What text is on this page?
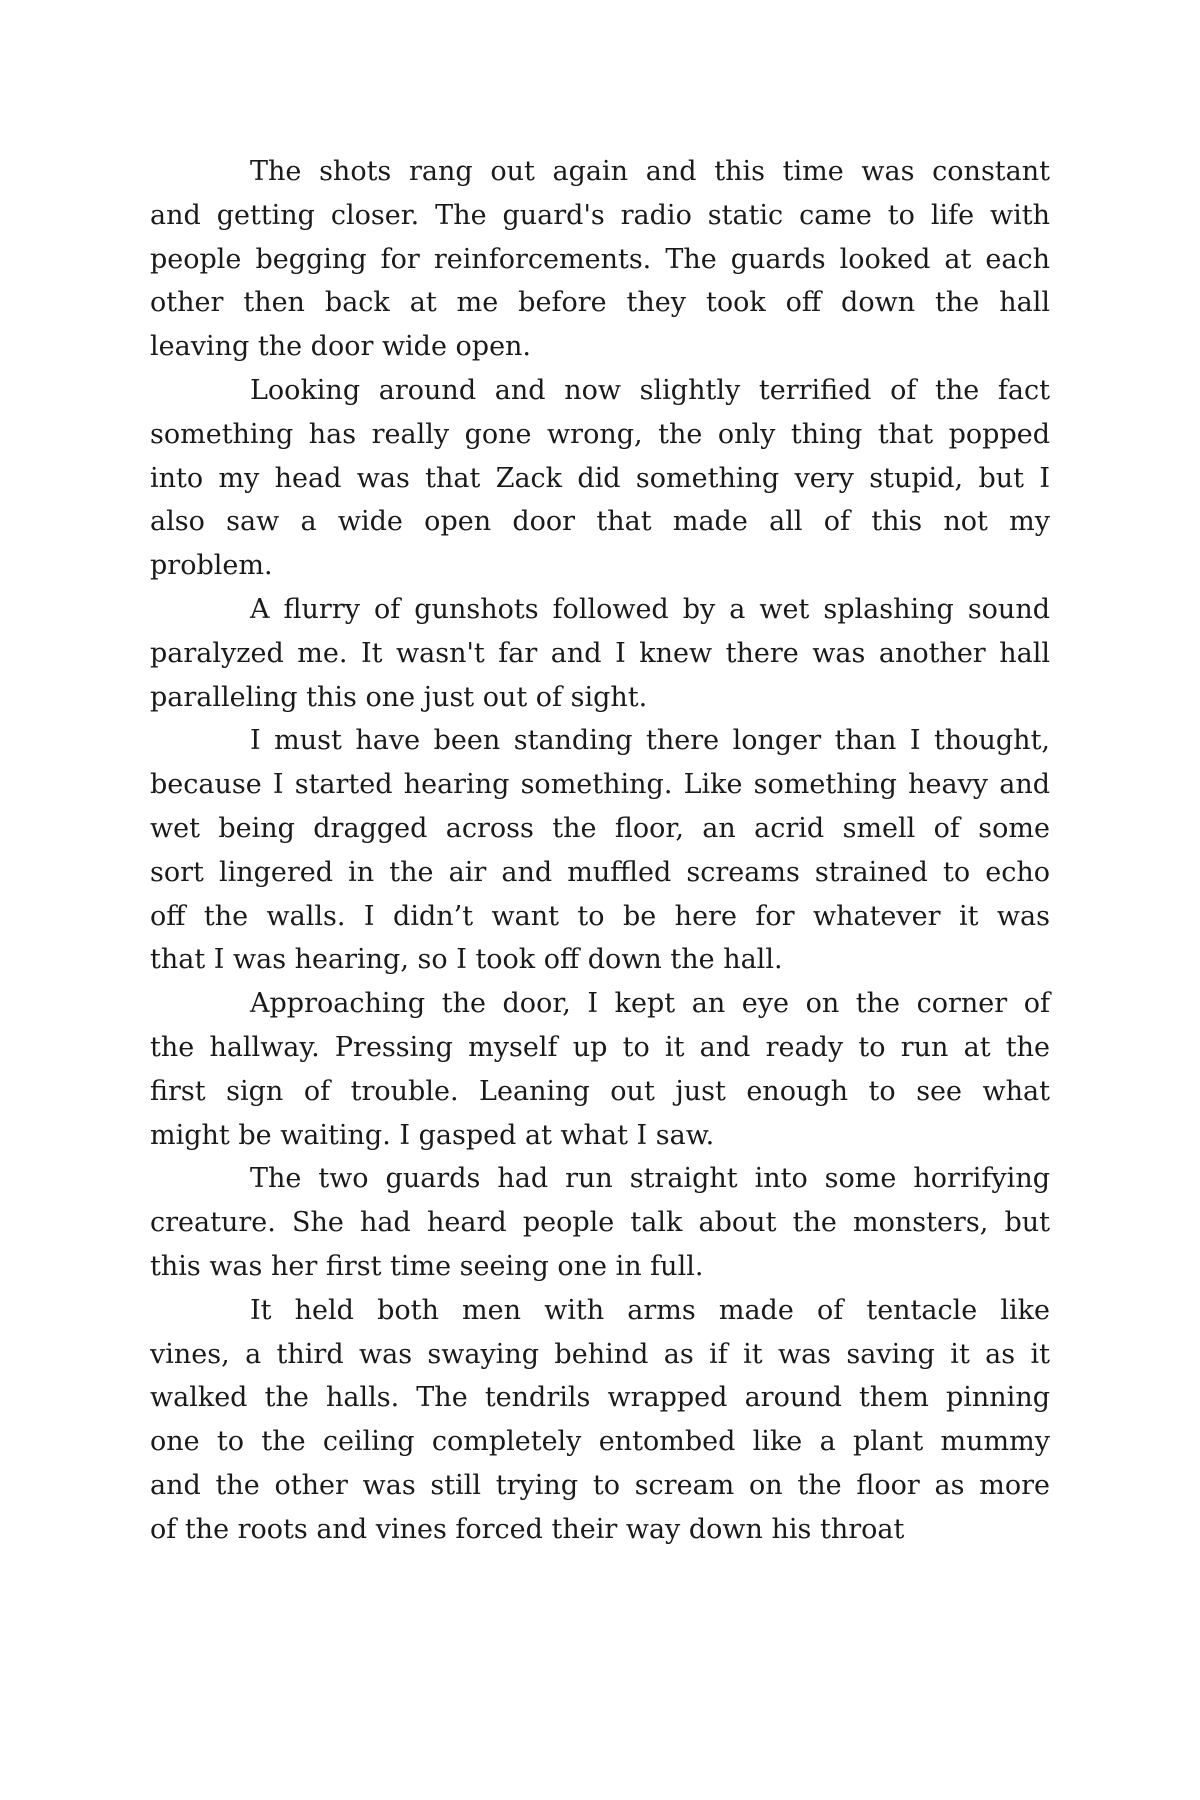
The shots rang out again and this time was constant
and getting closer. The guard's radio static came to life with
people begging for reinforcements. The guards looked at each
other then back at me before they took off down the hall
leaving the door wide open.
Looking around and now slightly terrified of the fact
something has really gone wrong, the only thing that popped
into my head was that Zack did something very stupid, but I
also saw a wide open door that made all of this not my
problem.
A flurry of gunshots followed by a wet splashing sound
paralyzed me. It wasn't far and I knew there was another hall
paralleling this one just out of sight.
I must have been standing there longer than I thought,
because I started hearing something. Like something heavy and
wet being dragged across the floor, an acrid smell of some
sort lingered in the air and muffled screams strained to echo
off the walls. I didn’t want to be here for whatever it was
that I was hearing, so I took off down the hall.
Approaching the door, I kept an eye on the corner of
the hallway. Pressing myself up to it and ready to run at the
first sign of trouble. Leaning out just enough to see what
might be waiting. I gasped at what I saw.
The two guards had run straight into some horrifying
creature. She had heard people talk about the monsters, but
this was her first time seeing one in full.
It held both men with arms made of tentacle like
vines, a third was swaying behind as if it was saving it as it
walked the halls. The tendrils wrapped around them pinning
one to the ceiling completely entombed like a plant mummy
and the other was still trying to scream on the floor as more
of the roots and vines forced their way down his throat
